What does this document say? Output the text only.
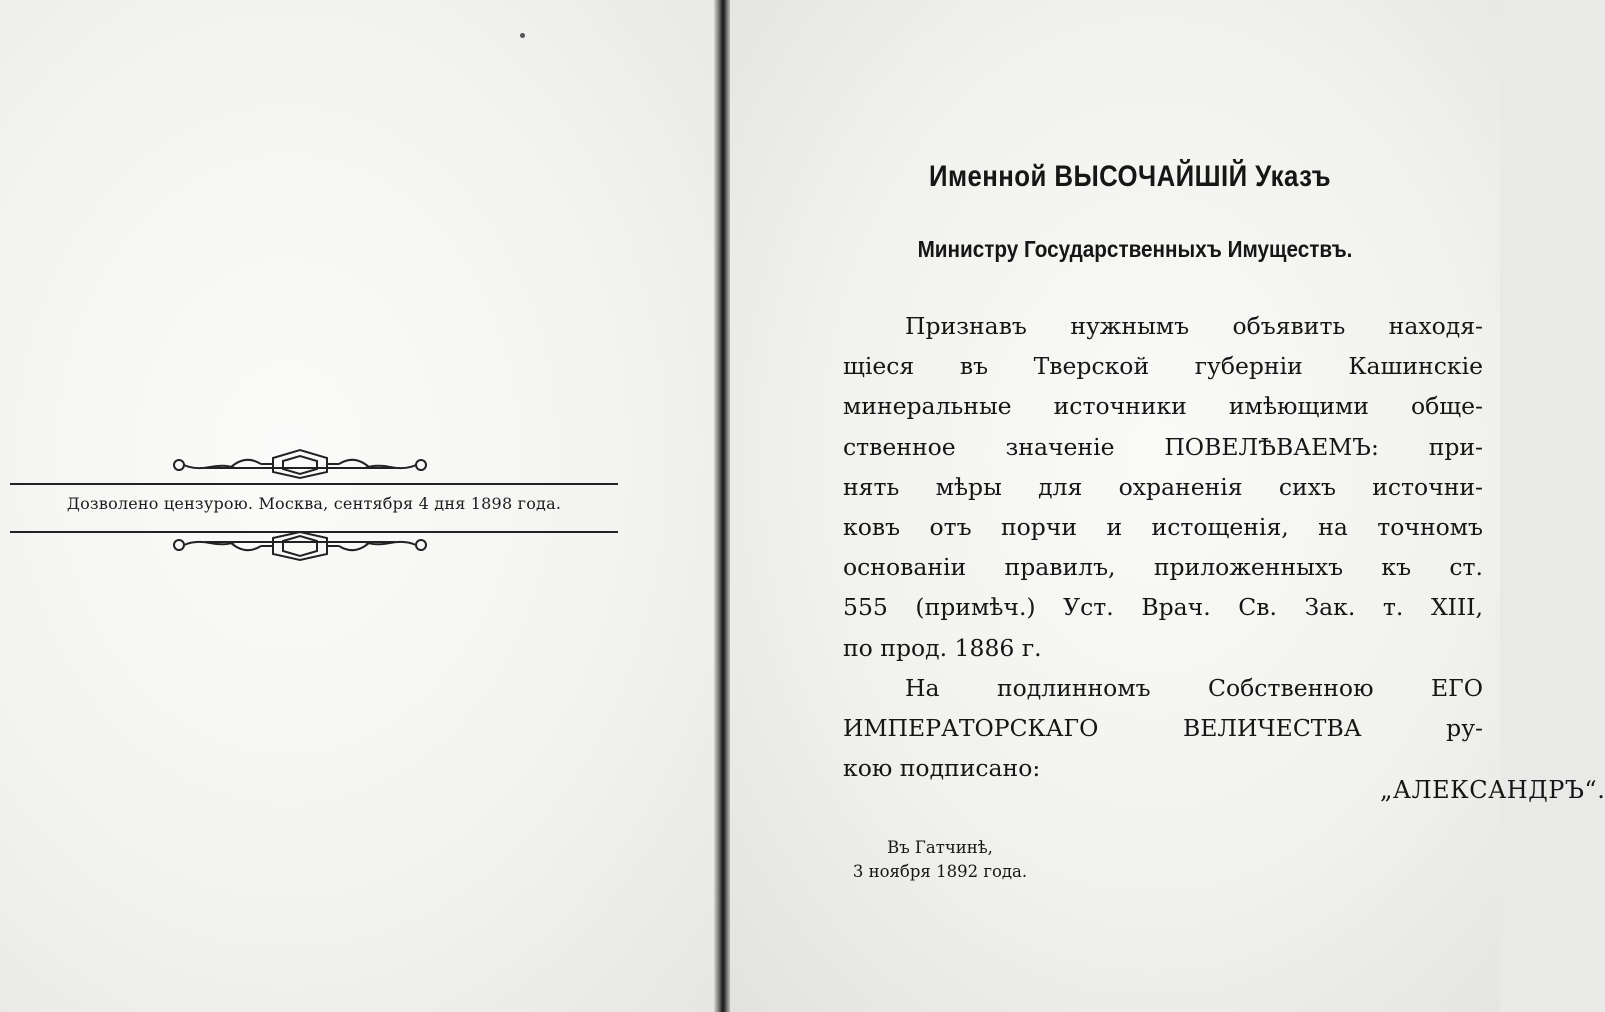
Дозволено цензурою. Москва, сентября 4 дня 1898 года.
Именной ВЫСОЧАЙШІЙ Указъ
Министру Государственныхъ Имуществъ.
Признавъ нужнымъ объявить находя-
щіеся въ Тверской губерніи Кашинскіе
минеральные источники имѣющими обще-
ственное значеніе ПОВЕЛѢВАЕМЪ: при-
нять мѣры для охраненія сихъ источни-
ковъ отъ порчи и истощенія, на точномъ
основаніи правилъ, приложенныхъ къ ст.
555 (примѣч.) Уст. Врач. Св. Зак. т. XIII,
по прод. 1886 г.
На подлинномъ Собственною ЕГО
ИМПЕРАТОРСКАГО ВЕЛИЧЕСТВА ру-
кою подписано:
„АЛЕКСАНДРЪ“.
Въ Гатчинѣ,
3 ноября 1892 года.
